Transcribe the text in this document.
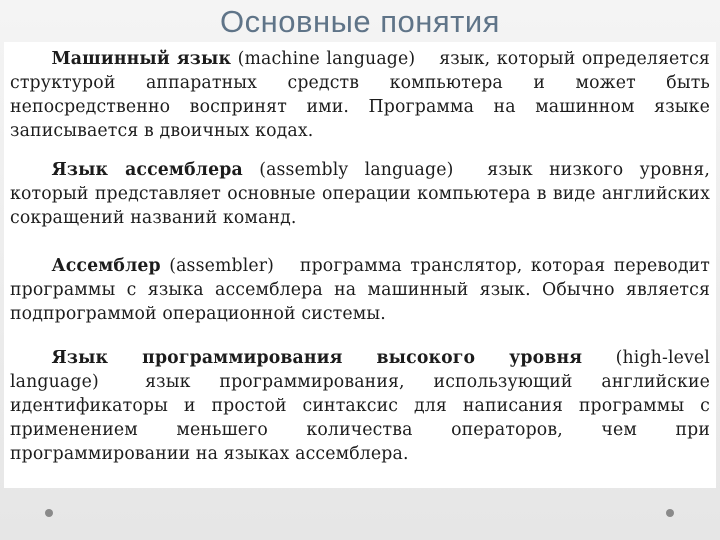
Основные понятия

Машинный язык (machine language)  язык, который определяется структурой аппаратных средств компьютера и может быть непосредственно воспринят ими. Программа на машинном языке записывается в двоичных кодах.

Язык ассемблера (assembly language)  язык низкого уровня, который представляет основные операции компьютера в виде английских сокращений названий команд.

Ассемблер (assembler)  программа транслятор, которая переводит программы с языка ассемблера на машинный язык. Обычно является подпрограммой операционной системы.

Язык программирования высокого уровня (high-level language) 	язык программирования, использующий английские идентификаторы и простой синтаксис для написания программы с применением меньшего количества операторов, чем при программировании на языках ассемблера.
